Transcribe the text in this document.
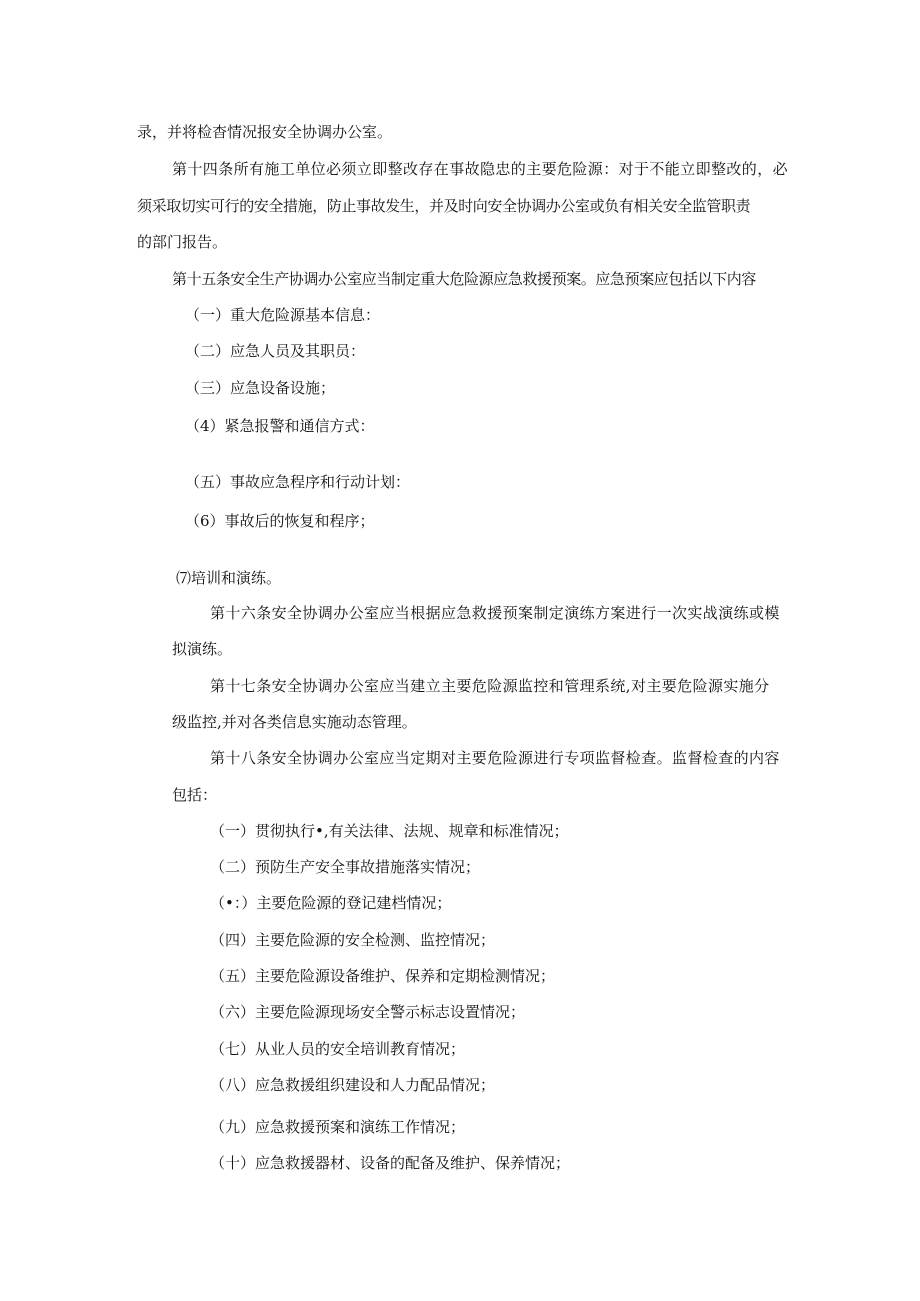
录，并将检杳情况报安全协调办公室。

第十四条所有施工单位必须立即整改存在事故隐忠的主要危险源：对于不能立即整改的，必

须采取切实可行的安全措施，防止事故发生，并及时向安全协调办公室或负有相关安全监管职责

的部门报告。

第十五条安全生产协调办公室应当制定重大危险源应急救援预案。应急预案应包括以下内容

（一）重大危险源基本信息：

（二）应急人员及其职员：

（三）应急设备设施；

（4）紧急报警和通信方式：

（五）事故应急程序和行动计划：

（6）事故后的恢复和程序；

⑺培训和演练。

第十六条安全协调办公室应当根据应急救援预案制定演练方案进行一次实战演练或模

拟演练。

第十七条安全协调办公室应当建立主要危险源监控和管理系统,对主要危险源实施分

级监控,并对各类信息实施动态管理。

第十八条安全协调办公室应当定期对主要危险源进行专项监督检查。监督检查的内容

包括：

（一）贯彻执行•,有关法律、法规、规章和标准情况；

（二）预防生产安全事故措施落实情况；

（•：）主要危险源的登记建档情况；

（四）主要危险源的安全检测、监控情况；

（五）主要危险源设备维护、保养和定期检测情况；

（六）主要危险源现场安全警示标志设置情况；

（七）从业人员的安全培训教育情况；

（八）应急救援组织建设和人力配品情况；

（九）应急救援预案和演练工作情况；

（十）应急救援器材、设备的配备及维护、保养情况；
